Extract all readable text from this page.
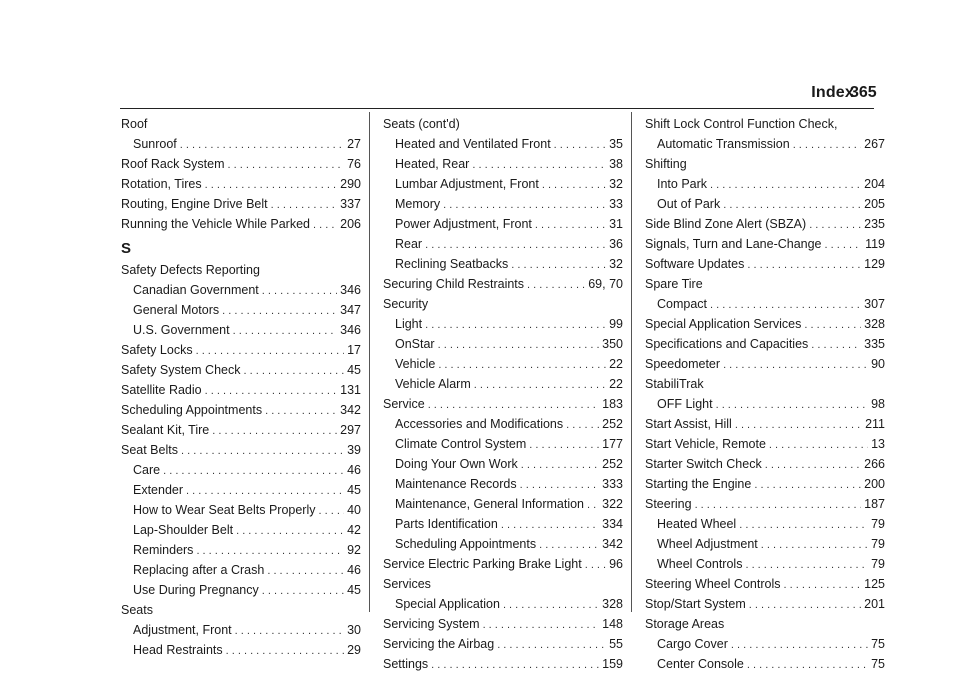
Index
365
Roof
Sunroof . . .	27
Roof Rack System . . .	76
Rotation, Tires . . .	290
Routing, Engine Drive Belt . . .	337
Running the Vehicle While Parked . . . 206
S
Safety Defects Reporting
Canadian Government . . .	346
General Motors . . .	347
U.S. Government . . .	346
Safety Locks . . .	17
Safety System Check . . .	45
Satellite Radio . . .	131
Scheduling Appointments . . .	342
Sealant Kit, Tire . . .	297
Seat Belts . . .	39
Care . . .	46
Extender . . .	45
How to Wear Seat Belts Properly . . .	40
Lap-Shoulder Belt . . .	42
Reminders . . .	92
Replacing after a Crash . . .	46
Use During Pregnancy . . .	45
Seats
Adjustment, Front . . .	30
Head Restraints . . .	29
Seats (cont'd)
Heated and Ventilated Front . . .	35
Heated, Rear . . .	38
Lumbar Adjustment, Front . . .	32
Memory . . .	33
Power Adjustment, Front . . .	31
Rear . . .	36
Reclining Seatbacks . . .	32
Securing Child Restraints . . .	69, 70
Security
Light . . .	99
OnStar . . .	350
Vehicle . . .	22
Vehicle Alarm . . .	22
Service . . .	183
Accessories and Modifications . . .	252
Climate Control System . . .	177
Doing Your Own Work . . .	252
Maintenance Records . . .	333
Maintenance, General Information . . . 322
Parts Identification . . .	334
Scheduling Appointments . . .	342
Service Electric Parking Brake Light . . . 96
Services
Special Application . . .	328
Servicing System . . .	148
Servicing the Airbag . . .	55
Settings . . .	159
Shift Lock Control Function Check,
Automatic Transmission . . .	267
Shifting
Into Park . . .	204
Out of Park . . .	205
Side Blind Zone Alert (SBZA) . . .	235
Signals, Turn and Lane-Change . . .	119
Software Updates . . .	129
Spare Tire
Compact . . .	307
Special Application Services . . .	328
Specifications and Capacities . . .	335
Speedometer . . .	90
StabiliTrak
OFF Light . . .	98
Start Assist, Hill . . .	211
Start Vehicle, Remote . . .	13
Starter Switch Check . . .	266
Starting the Engine . . .	200
Steering . . .	187
Heated Wheel . . .	79
Wheel Adjustment . . .	79
Wheel Controls . . .	79
Steering Wheel Controls . . .	125
Stop/Start System . . .	201
Storage Areas
Cargo Cover . . .	75
Center Console . . .	75
